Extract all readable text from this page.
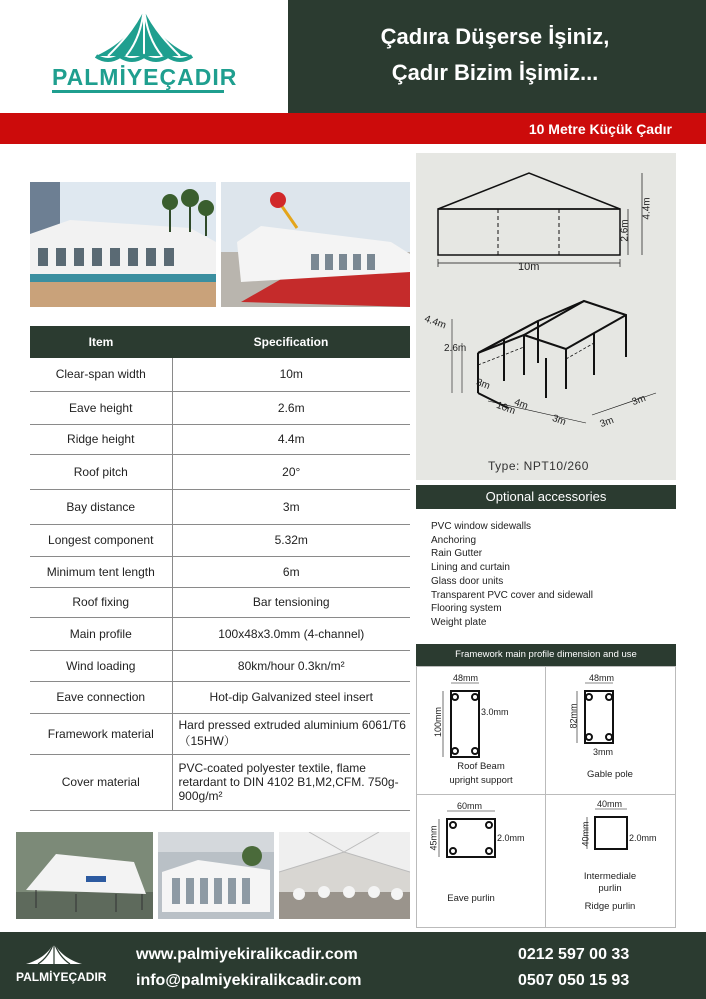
PALMİYEÇADIR
Çadıra Düşerse İşiniz,
Çadır Bizim İşimiz...
10 Metre Küçük Çadır
Item	Specification
Clear-span width	10m
Eave height	2.6m
Ridge height	4.4m
Roof pitch	20°
Bay distance	3m
Longest component	5.32m
Minimum tent length	6m
Roof fixing	Bar tensioning
Main profile	100x48x3.0mm (4-channel)
Wind loading	80km/hour 0.3kn/m²
Eave connection	Hot-dip Galvanized steel insert
Framework material	Hard pressed extruded aluminium 6061/T6 （15HW）
Cover material	PVC-coated polyester textile, flame retardant to DIN 4102 B1,M2,CFM. 750g-900g/m²
10m
2.6m
4.4m
4.4m
2.6m
3m
4m
3m
10m
3m
3m
Type: NPT10/260
Optional accessories
PVC window sidewalls
Anchoring
Rain Gutter
Lining and curtain
Glass door units
Transparent PVC cover and sidewall
Flooring system
Weight plate
Framework main profile dimension and use
48mm
100mm	3.0mm
Roof Beam
upright support
48mm
82mm
3mm
Gable pole
60mm
45mm	2.0mm
Eave purlin
40mm
40mm	2.0mm
Intermediale
purlin
Ridge purlin
PALMİYEÇADIR
www.palmiyekiralikcadir.com
info@palmiyekiralikcadir.com
0212 597 00 33
0507 050 15 93
